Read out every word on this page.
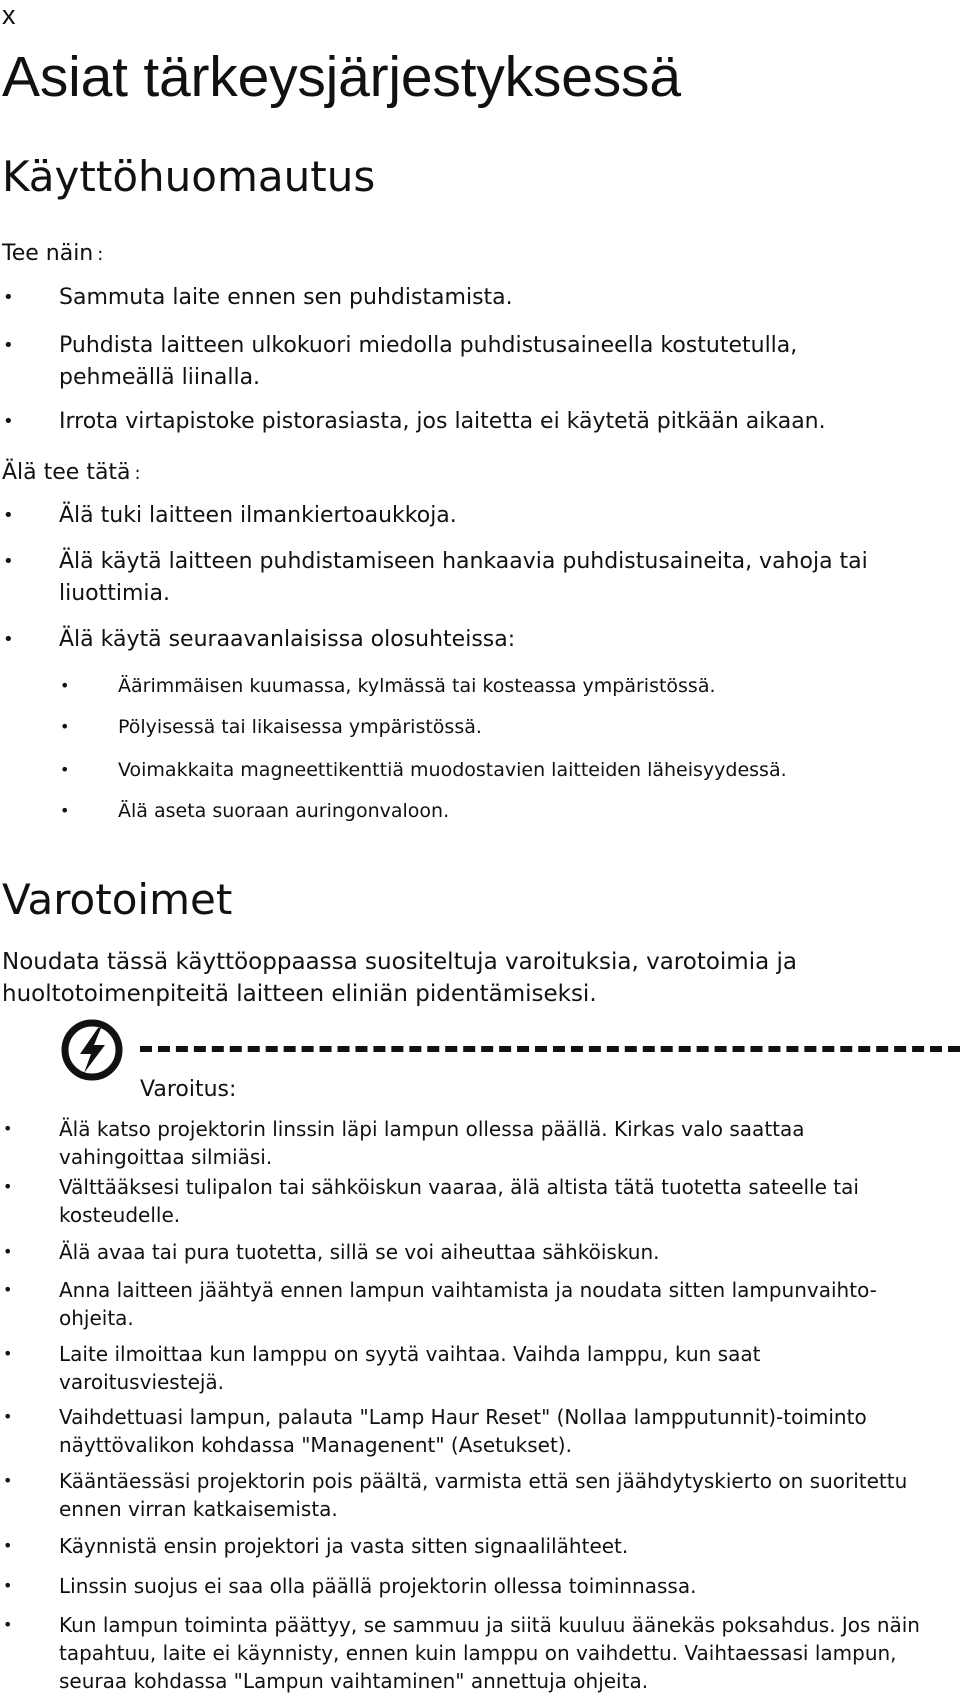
x
Asiat tärkeysjärjestyksessä
Käyttöhuomautus

Tee näin :

• Sammuta laite ennen sen puhdistamista.
• Puhdista laitteen ulkokuori miedolla puhdistusaineella kostutetulla, pehmeällä liinalla.
• Irrota virtapistoke pistorasiasta, jos laitetta ei käytetä pitkään aikaan.

Älä tee tätä :

• Älä tuki laitteen ilmankiertoaukkoja.
• Älä käytä laitteen puhdistamiseen hankaavia puhdistusaineita, vahoja tai liuottimia.
• Älä käytä seuraavanlaisissa olosuhteissa:
•	Äärimmäisen kuumassa, kylmässä tai kosteassa ympäristössä.
•	Pölyisessä tai likaisessa ympäristössä.
•	Voimakkaita magneettikenttiä muodostavien laitteiden läheisyydessä.
•	Älä aseta suoraan auringonvaloon.
Varotoimet

Noudata tässä käyttöoppaassa suositeltuja varoituksia, varotoimia ja huoltotoimenpiteitä laitteen eliniän pidentämiseksi.

Varoitus:

• Älä katso projektorin linssin läpi lampun ollessa päällä. Kirkas valo saattaa vahingoittaa silmiäsi.
• Välttääksesi tulipalon tai sähköiskun vaaraa, älä altista tätä tuotetta sateelle tai kosteudelle.
• Älä avaa tai pura tuotetta, sillä se voi aiheuttaa sähköiskun.
• Anna laitteen jäähtyä ennen lampun vaihtamista ja noudata sitten lampunvaihto-ohjeita.
• Laite ilmoittaa kun lamppu on syytä vaihtaa. Vaihda lamppu, kun saat varoitusviestejä.
• Vaihdettuasi lampun, palauta "Lamp Haur Reset" (Nollaa lampputunnit)-toiminto näyttövalikon kohdassa "Managenent" (Asetukset).
• Kääntäessäsi projektorin pois päältä, varmista että sen jäähdytyskierto on suoritettu ennen virran katkaisemista.
• Käynnistä ensin projektori ja vasta sitten signaalilähteet.
• Linssin suojus ei saa olla päällä projektorin ollessa toiminnassa.
• Kun lampun toiminta päättyy, se sammuu ja siitä kuuluu äänekäs poksahdus. Jos näin tapahtuu, laite ei käynnisty, ennen kuin lamppu on vaihdettu. Vaihtaessasi lampun, seuraa kohdassa "Lampun vaihtaminen" annettuja ohjeita.
